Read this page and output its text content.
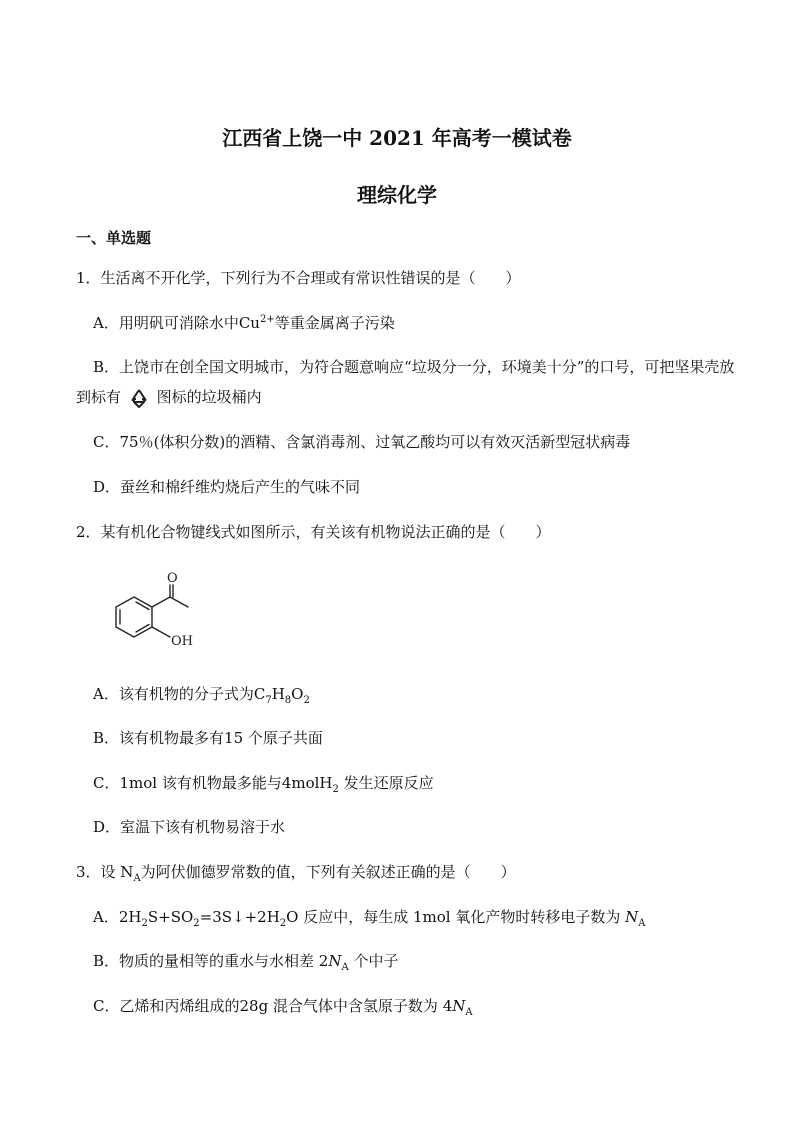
江西省上饶一中 2021 年高考一模试卷
理综化学
一、单选题
1．生活离不开化学，下列行为不合理或有常识性错误的是（　　）
A．用明矾可消除水中$Cu^{2+}$等重金属离子污染
B．上饶市在创全国文明城市，为符合题意响应“垃圾分一分，环境美十分”的口号，可把坚果壳放
到标有 图标的垃圾桶内
C．75％(体积分数)的酒精、含氯消毒剂、过氧乙酸均可以有效灭活新型冠状病毒
D．蚕丝和棉纤维灼烧后产生的气味不同
2．某有机化合物键线式如图所示，有关该有机物说法正确的是（　　）
O
OH
A．该有机物的分子式为$C_7H_8O_2$
B．该有机物最多有15 个原子共面
C．1mol 该有机物最多能与4molH$_2$ 发生还原反应
D．室温下该有机物易溶于水
3．设 $N_A$为阿伏伽德罗常数的值，下列有关叙述正确的是（　　）
A．$2H_2S+SO_2=3S↓+2H_2O$ 反应中，每生成 1mol 氧化产物时转移电子数为 $N_A$
B．物质的量相等的重水与水相差 $2N_A$ 个中子
C．乙烯和丙烯组成的28g 混合气体中含氢原子数为 $4N_A$
